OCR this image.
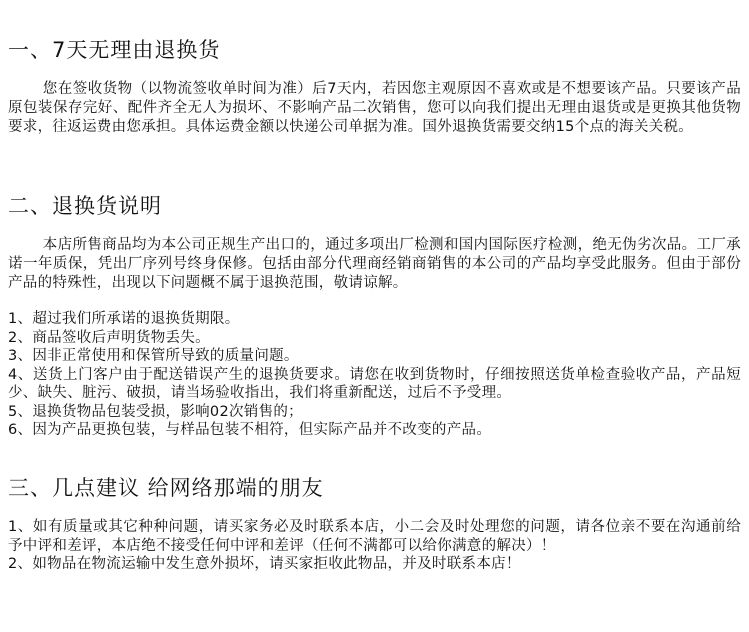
一、7天无理由退换货

您在签收货物（以物流签收单时间为准）后7天内，若因您主观原因不喜欢或是不想要该产品。只要该产品原包装保存完好、配件齐全无人为损坏、不影响产品二次销售，您可以向我们提出无理由退货或是更换其他货物要求，往返运费由您承担。具体运费金额以快递公司单据为准。国外退换货需要交纳15个点的海关关税。

二、退换货说明

本店所售商品均为本公司正规生产出口的，通过多项出厂检测和国内国际医疗检测，绝无伪劣次品。工厂承诺一年质保，凭出厂序列号终身保修。包括由部分代理商经销商销售的本公司的产品均享受此服务。但由于部份产品的特殊性，出现以下问题概不属于退换范围，敬请谅解。

1、超过我们所承诺的退换货期限。
2、商品签收后声明货物丢失。
3、因非正常使用和保管所导致的质量问题。
4、送货上门客户由于配送错误产生的退换货要求。请您在收到货物时，仔细按照送货单检查验收产品，产品短少、缺失、脏污、破损，请当场验收指出，我们将重新配送，过后不予受理。
5、退换货物品包装受损，影响02次销售的；
6、因为产品更换包装，与样品包装不相符，但实际产品并不改变的产品。
三、几点建议 给网络那端的朋友
1、如有质量或其它种种问题，请买家务必及时联系本店，小二会及时处理您的问题，请各位亲不要在沟通前给予中评和差评，本店绝不接受任何中评和差评（任何不满都可以给你满意的解决）！
2、如物品在物流运输中发生意外损坏，请买家拒收此物品，并及时联系本店！
